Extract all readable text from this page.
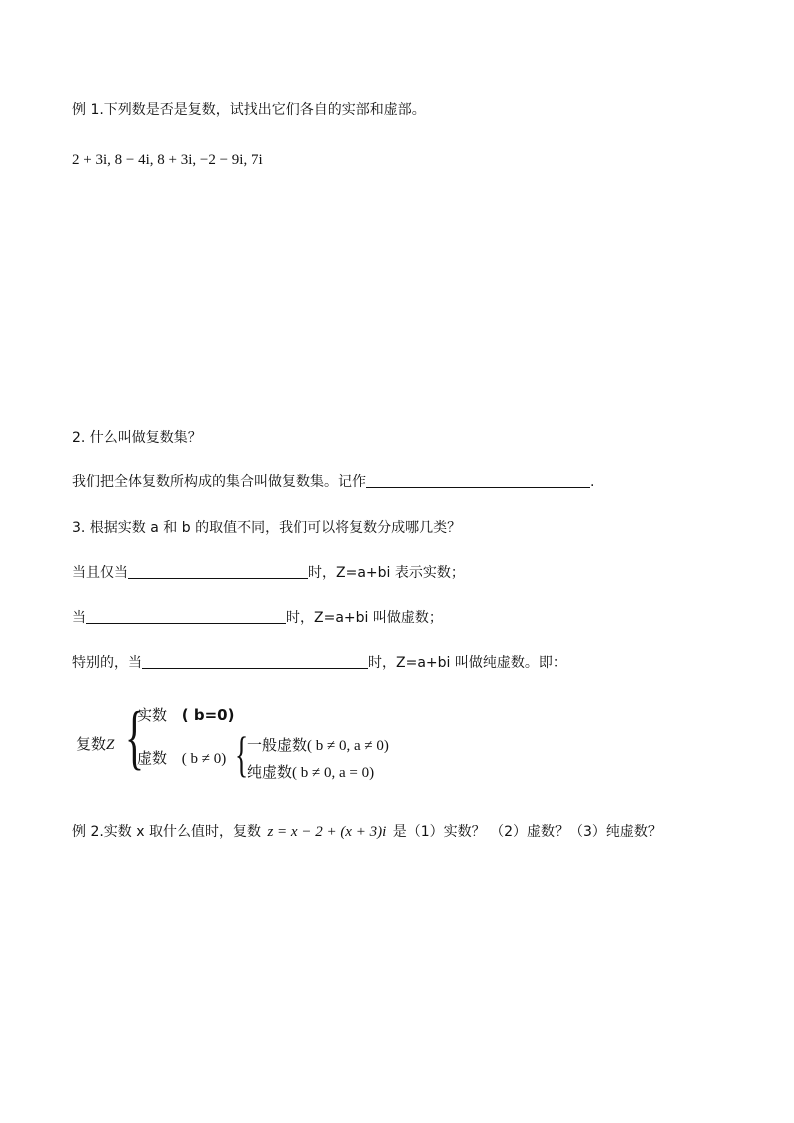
例 1.下列数是否是复数，试找出它们各自的实部和虚部。
2 + 3i, 8 − 4i, 8 + 3i, −2 − 9i, 7i
2. 什么叫做复数集？
我们把全体复数所构成的集合叫做复数集。记作	.
3. 根据实数 a 和 b 的取值不同，我们可以将复数分成哪几类？
当且仅当	时，Z=a+bi 表示实数；
当	时，Z=a+bi 叫做虚数；
特别的，当	时，Z=a+bi 叫做纯虚数。即：
复数Z {
实数 ( b=0)
虚数 ( b ≠ 0) {
一般虚数( b ≠ 0, a ≠ 0)
纯虚数( b ≠ 0, a = 0)
例 2.实数 x 取什么值时，复数 z = x − 2 + (x + 3)i 是（1）实数？ （2）虚数？（3）纯虚数？
